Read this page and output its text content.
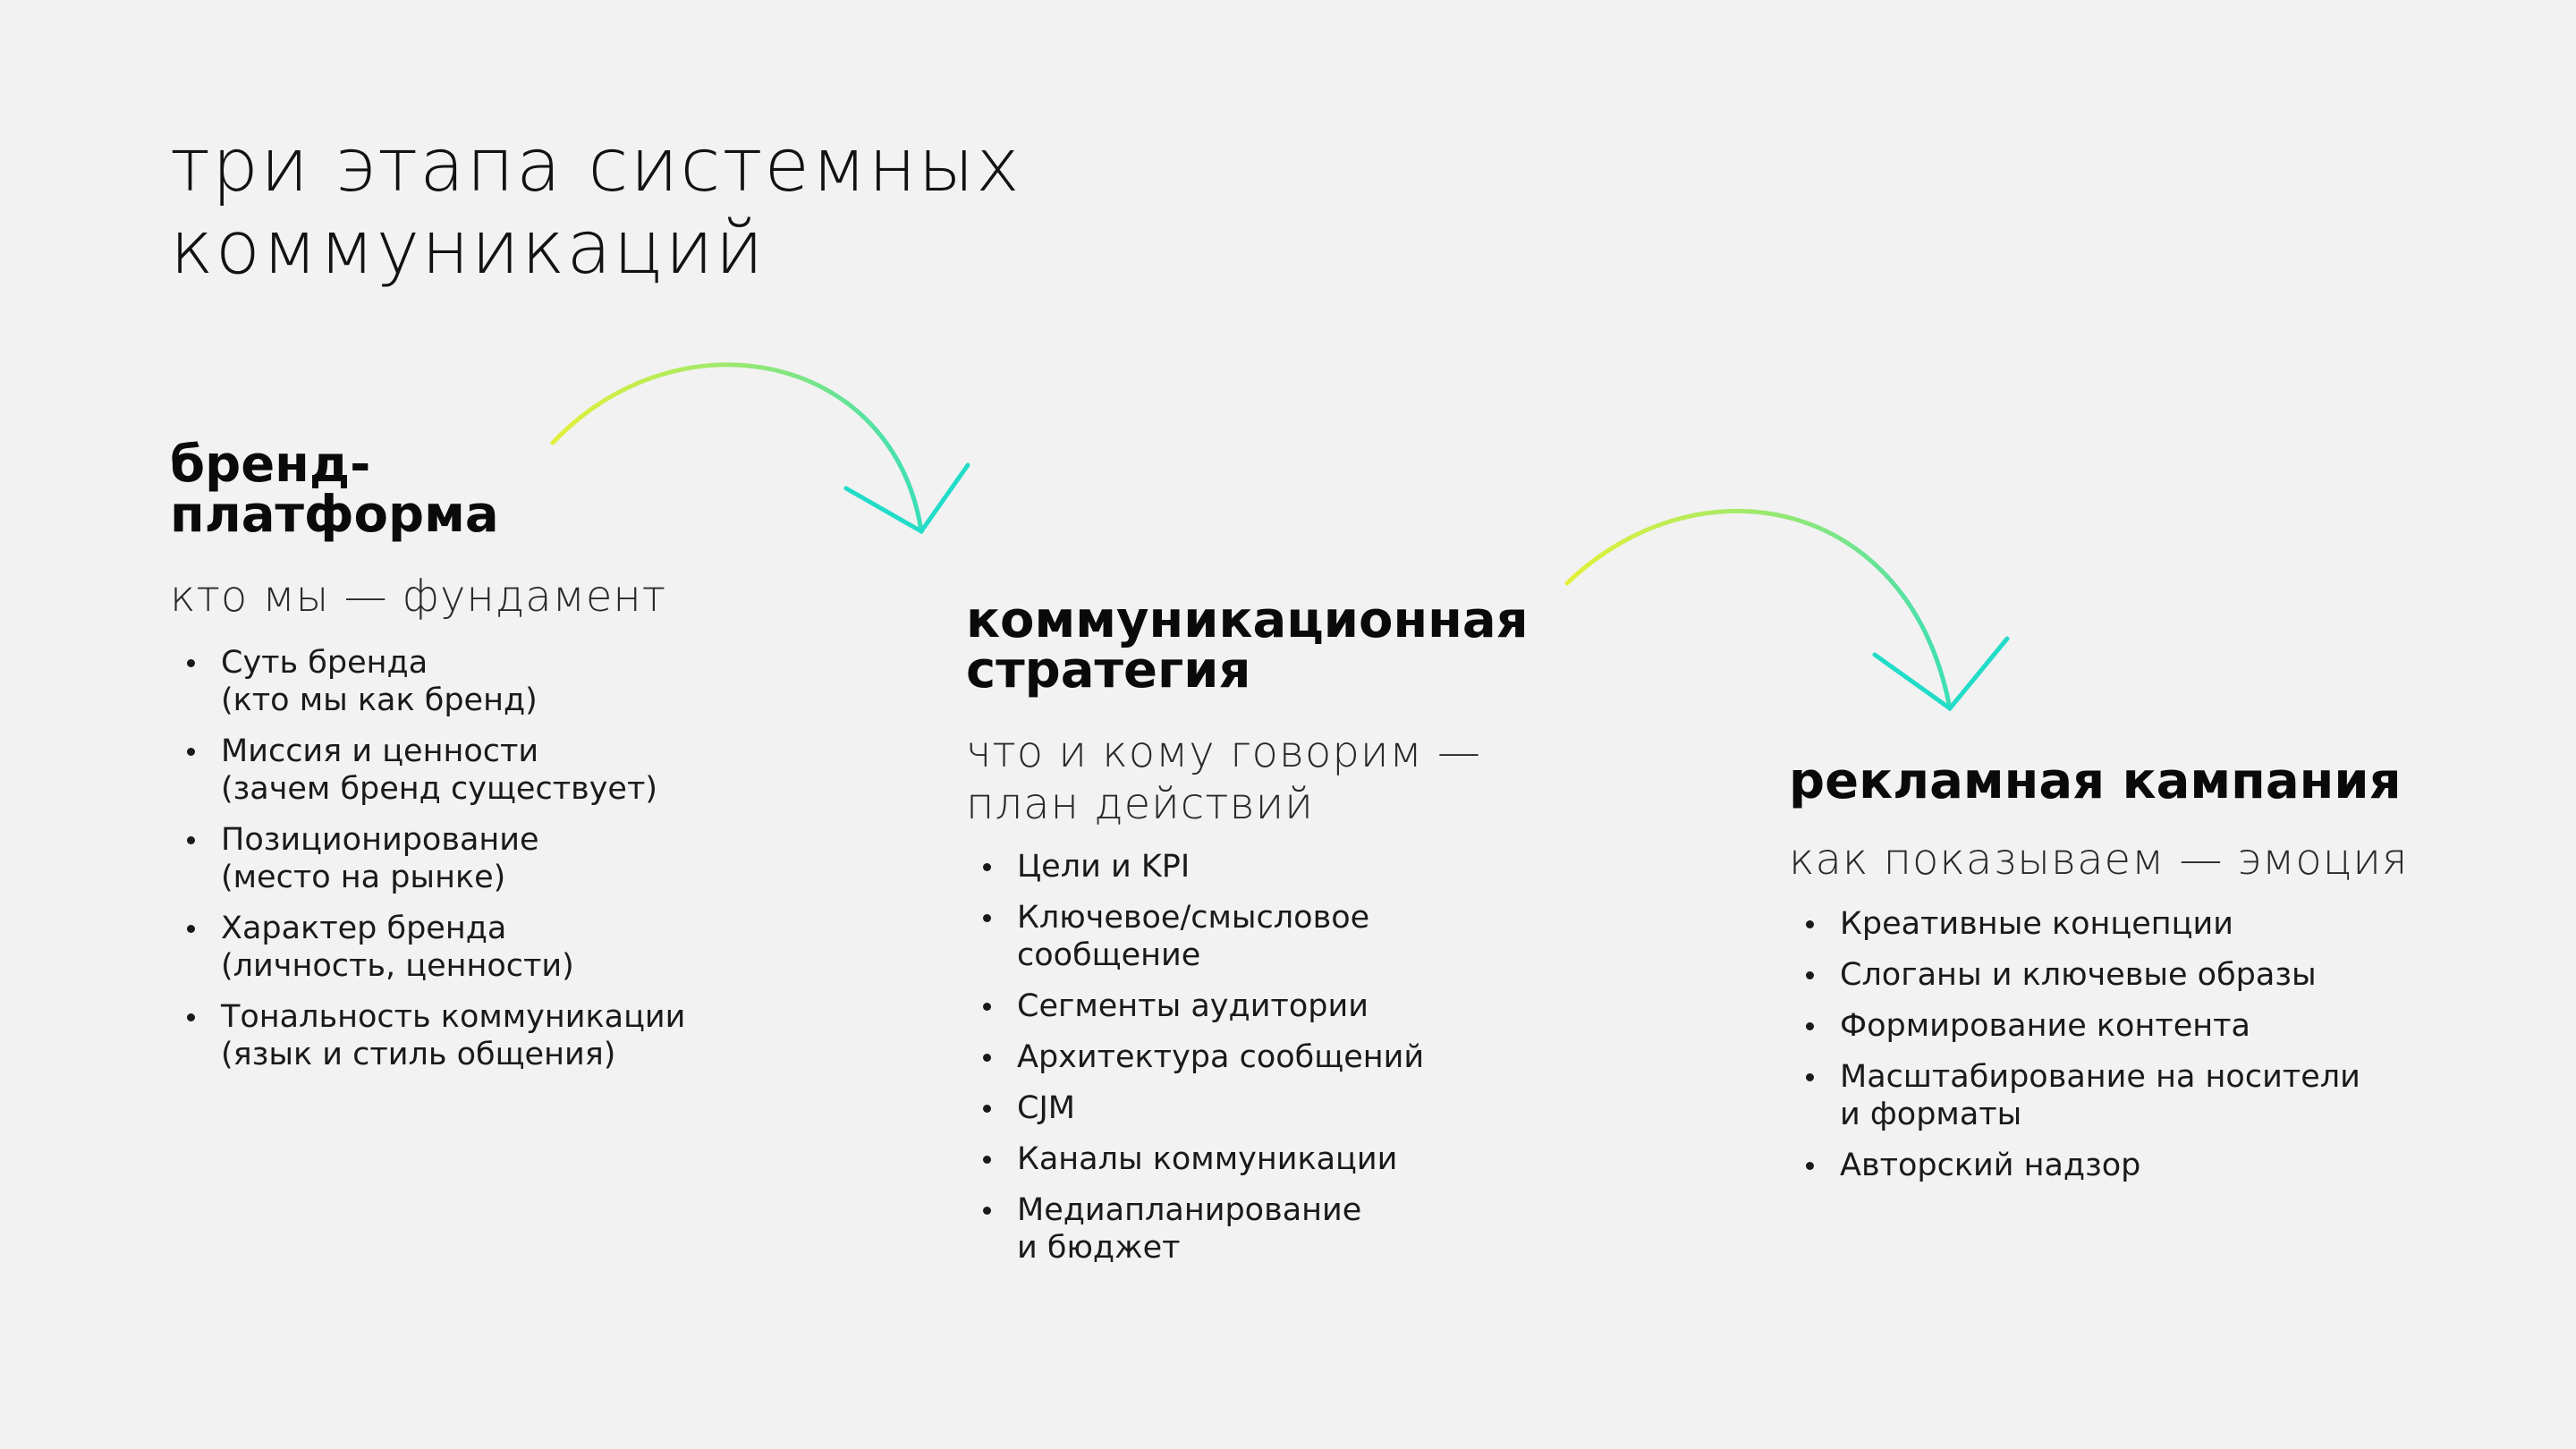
три этапа системных
коммуникаций
бренд-
платформа

кто мы — фундамент

Суть бренда
(кто мы как бренд)
Миссия и ценности
(зачем бренд существует)
Позиционирование
(место на рынке)
Характер бренда
(личность, ценности)
Тональность коммуникации
(язык и стиль общения)
коммуникационная
стратегия

что и кому говорим —
план действий

Цели и KPI
Ключевое/смысловое
сообщение
Сегменты аудитории
Архитектура сообщений
CJM
Каналы коммуникации
Медиапланирование
и бюджет
рекламная кампания

как показываем — эмоция

Креативные концепции
Слоганы и ключевые образы
Формирование контента
Масштабирование на носители
и форматы
Авторский надзор
